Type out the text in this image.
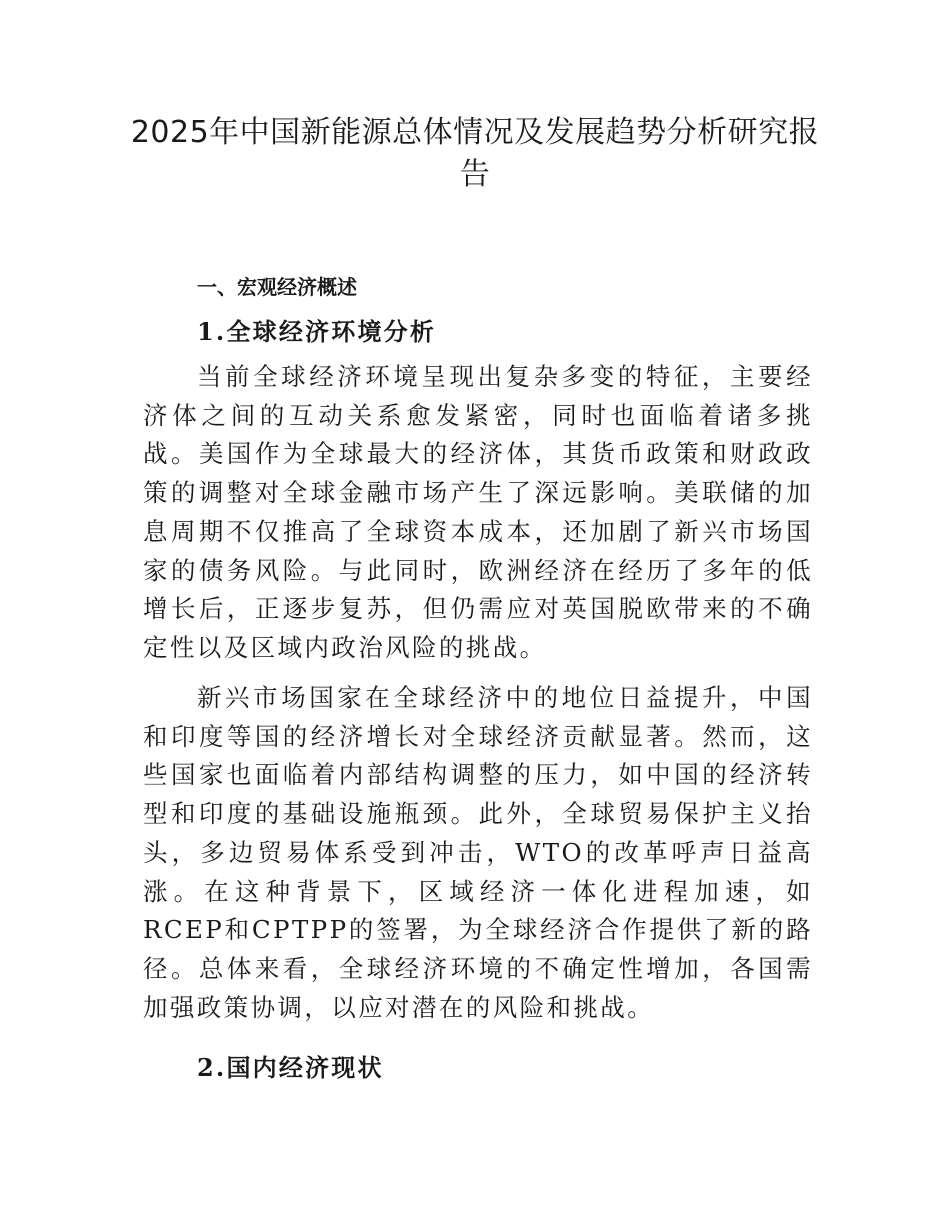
2025年中国新能源总体情况及发展趋势分析研究报告
一、宏观经济概述
1.全球经济环境分析

当前全球经济环境呈现出复杂多变的特征，主要经济体之间的互动关系愈发紧密，同时也面临着诸多挑战。美国作为全球最大的经济体，其货币政策和财政政策的调整对全球金融市场产生了深远影响。美联储的加息周期不仅推高了全球资本成本，还加剧了新兴市场国家的债务风险。与此同时，欧洲经济在经历了多年的低增长后，正逐步复苏，但仍需应对英国脱欧带来的不确定性以及区域内政治风险的挑战。

新兴市场国家在全球经济中的地位日益提升，中国和印度等国的经济增长对全球经济贡献显著。然而，这些国家也面临着内部结构调整的压力，如中国的经济转型和印度的基础设施瓶颈。此外，全球贸易保护主义抬头，多边贸易体系受到冲击，WTO的改革呼声日益高涨。在这种背景下，区域经济一体化进程加速，如RCEP和CPTPP的签署，为全球经济合作提供了新的路径。总体来看，全球经济环境的不确定性增加，各国需加强政策协调，以应对潜在的风险和挑战。

2.国内经济现状
